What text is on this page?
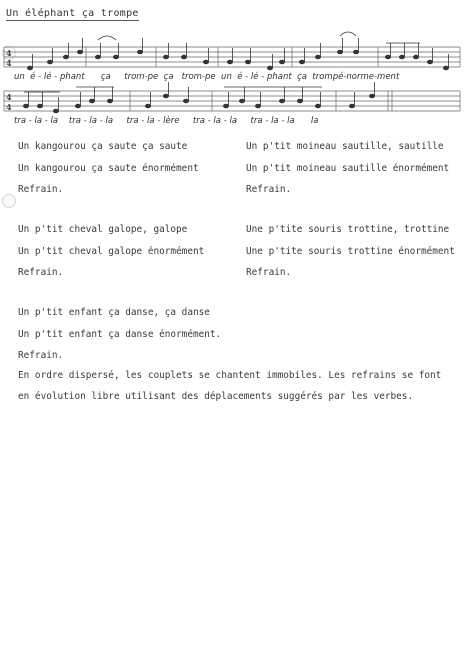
Un éléphant ça trompe
4
4
4
4
un  é - lé - phant      ça     trom-pe  ça   trom-pe  un  é - lé - phant  ça  trompé-norme-ment
tra - la - la    tra - la - la     tra - la - lère     tra - la - la     tra - la - la      la
Un kangourou ça saute ça saute
Un kangourou ça saute énormément
Refrain.
Un p'tit moineau sautille, sautille
Un p'tit moineau sautille énormément
Refrain.
Un p'tit cheval galope, galope
Un p'tit cheval galope énormément
Refrain.
Une p'tite souris trottine, trottine
Une p'tite souris trottine énormément
Refrain.
Un p'tit enfant ça danse, ça danse
Un p'tit enfant ça danse énormément.
Refrain.
En ordre dispersé, les couplets se chantent immobiles. Les refrains se font
en évolution libre utilisant des déplacements suggérés par les verbes.
